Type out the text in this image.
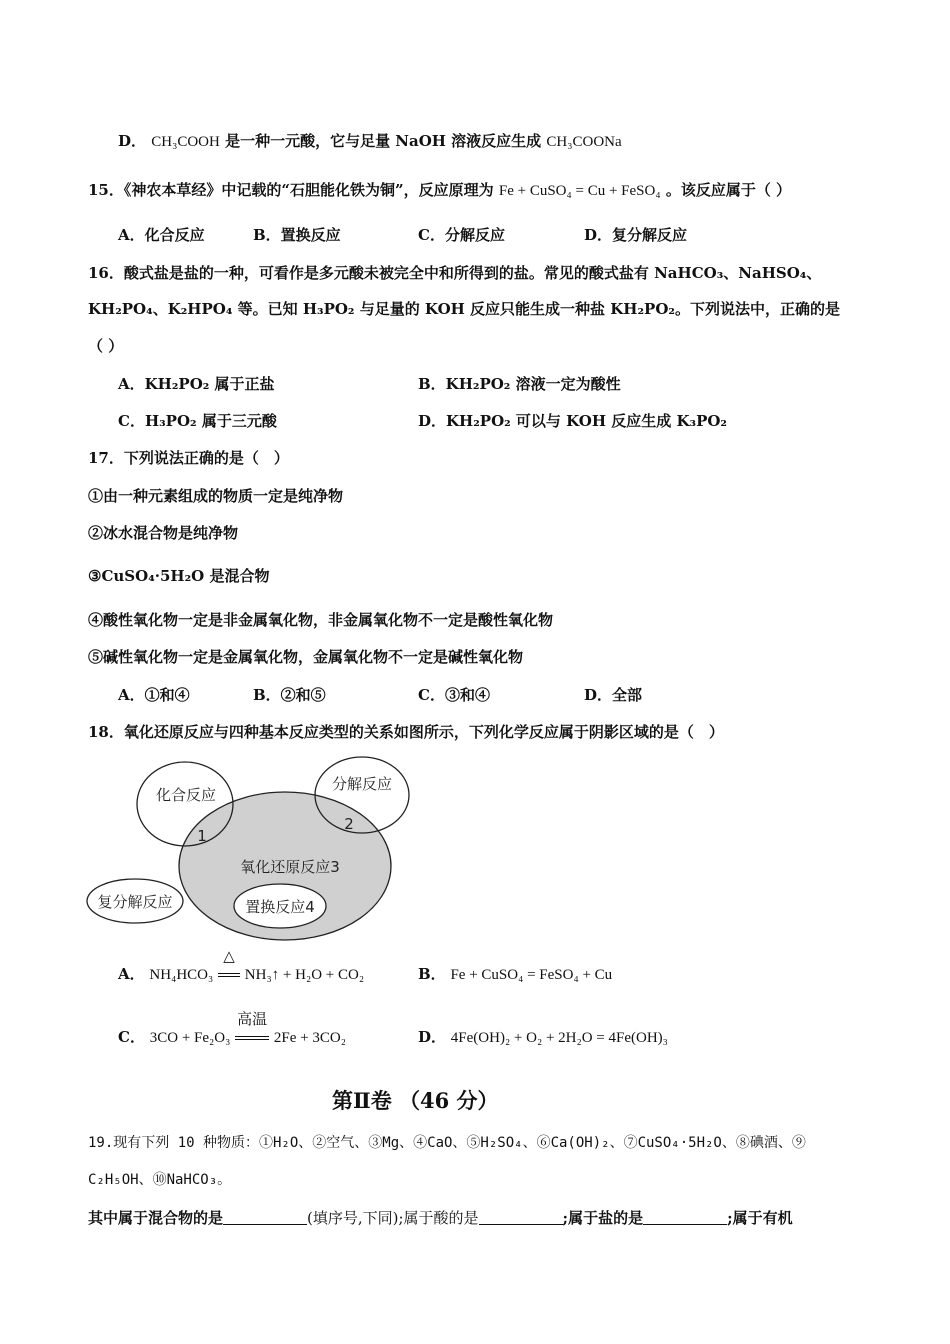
D． CH₃COOH 是一种一元酸，它与足量 NaOH 溶液反应生成 CH₃COONa
15．《神农本草经》中记载的“石胆能化铁为铜”，反应原理为 Fe + CuSO₄ = Cu + FeSO₄ 。该反应属于（ ）
A．化合反应	B．置换反应	C．分解反应	D．复分解反应
16．酸式盐是盐的一种，可看作是多元酸未被完全中和所得到的盐。常见的酸式盐有 NaHCO₃、NaHSO₄、
KH₂PO₄、K₂HPO₄ 等。已知 H₃PO₂ 与足量的 KOH 反应只能生成一种盐 KH₂PO₂。下列说法中，正确的是
（ ）
A．KH₂PO₂ 属于正盐	B．KH₂PO₂ 溶液一定为酸性
C．H₃PO₂ 属于三元酸	D．KH₂PO₂ 可以与 KOH 反应生成 K₃PO₂
17．下列说法正确的是（　）
①由一种元素组成的物质一定是纯净物
②冰水混合物是纯净物
③CuSO₄·5H₂O 是混合物
④酸性氧化物一定是非金属氧化物，非金属氧化物不一定是酸性氧化物
⑤碱性氧化物一定是金属氧化物，金属氧化物不一定是碱性氧化物
A．①和④	B．②和⑤	C．③和④	D．全部
18．氧化还原反应与四种基本反应类型的关系如图所示，下列化学反应属于阴影区域的是（　）
化合反应
1
分解反应
2
氧化还原反应3
复分解反应	置换反应4
A． NH₄HCO₃
△
NH₃↑ + H₂O + CO₂	B． Fe + CuSO₄ = FeSO₄ + Cu
C． 3CO + Fe₂O₃
高温
2Fe + 3CO₂	D． 4Fe(OH)₂ + O₂ + 2H₂O = 4Fe(OH)₃
第Ⅱ卷 （46 分）
19.现有下列 10 种物质：①H₂O、②空气、③Mg、④CaO、⑤H₂SO₄、⑥Ca(OH)₂、⑦CuSO₄·5H₂O、⑧碘酒、⑨
C₂H₅OH、⑩NaHCO₃。
其中属于混合物的是	(填序号,下同);属于酸的是	;属于盐的是	;属于有机
